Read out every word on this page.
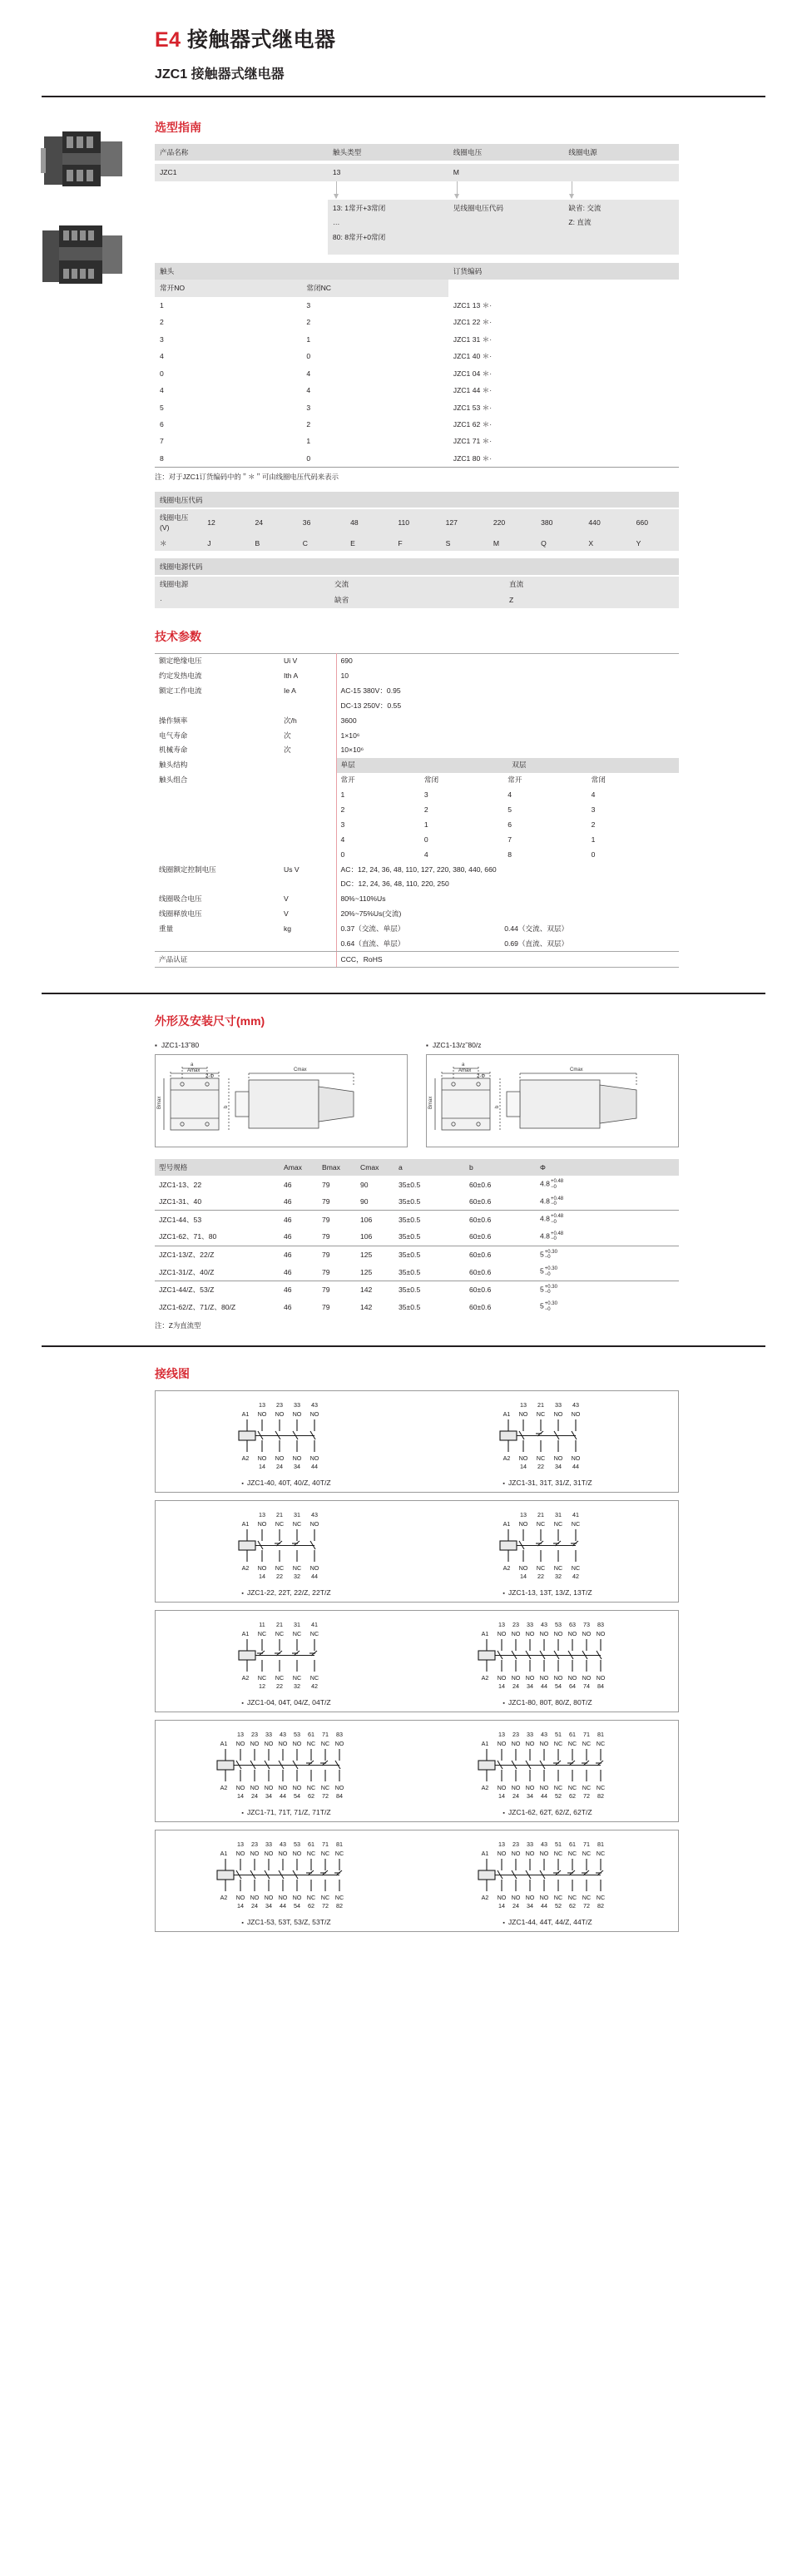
E4 接触器式继电器
JZC1 接触器式继电器
选型指南
产品名称	触头类型	线圈电压	线圈电源

JZC1	13	M	

13: 1常开+3常闭
…
80: 8常开+0常闭
	见线圈电压代码	缺省: 交流
Z: 直流
触头		订货编码
常开NO	常闭NC	
1	3	JZC1 13 ＊·
2	2	JZC1 22 ＊·
3	1	JZC1 31 ＊·
4	0	JZC1 40 ＊·
0	4	JZC1 04 ＊·
4	4	JZC1 44 ＊·
5	3	JZC1 53 ＊·
6	2	JZC1 62 ＊·
7	1	JZC1 71 ＊·
8	0	JZC1 80 ＊·
注：对于JZC1订货编码中的＂＊＂可由线圈电压代码来表示
线圈电压代码										

线圈电压 (V)	12	24	36	48	110	127	220	380	440	660
＊	J	B	C	E	F	S	M	Q	X	Y
线圈电源代码		

线圈电源	交流	直流
·	缺省	Z
技术参数
额定绝缘电压	Ui V	690
约定发热电流	Ith A	10
额定工作电流	Ie A	AC-15 380V：0.95
		DC-13 250V：0.55
操作频率	次/h	3600
电气寿命	次	1×10⁶
机械寿命	次	10×10⁶
触头结构		单层 双层

触头组合		常开 常闭 常开 常闭

		1 3 4 4

		2 2 5 3

		3 1 6 2

		4 0 7 1

		0 4 8 0

线圈额定控制电压	Us V	AC：12, 24, 36, 48, 110, 127, 220, 380, 440, 660
		DC：12, 24, 36, 48, 110, 220, 250
线圈吸合电压	V	80%~110%Us
线圈释放电压	V	20%~75%Us(交流)
重量	kg	0.37（交流、单层） 0.44（交流、双层）
		0.64（直流、单层） 0.69（直流、双层）
产品认证		CCC，RoHS
外形及安装尺寸(mm)
▪ JZC1-13˜80
Amax
a
2-Φ
Bmax	b
Cmax
▪ JZC1-13/z˜80/z
Amax
a
2-Φ
Bmax	b
Cmax
型号规格	Amax	Bmax	Cmax	a	b	Φ
JZC1-13、22	46	79	90	35±0.5	60±0.6	4.8+0.48
−0
JZC1-31、40	46	79	90	35±0.5	60±0.6	4.8+0.48
−0
JZC1-44、53	46	79	106	35±0.5	60±0.6	4.8+0.48
−0
JZC1-62、71、80	46	79	106	35±0.5	60±0.6	4.8+0.48
−0
JZC1-13/Z、22/Z	46	79	125	35±0.5	60±0.6	5+0.30
−0
JZC1-31/Z、40/Z	46	79	125	35±0.5	60±0.6	5+0.30
−0
JZC1-44/Z、53/Z	46	79	142	35±0.5	60±0.6	5+0.30
−0
JZC1-62/Z、71/Z、80/Z	46	79	142	35±0.5	60±0.6	5+0.30
−0
注：Z为直流型
接线图
13
NO
NO
14
23
NO
NO
24
33
NO
NO
34
43
NO
NO
44
A1
A2
▪ JZC1-40, 40T, 40/Z, 40T/Z
13
NO
NO
14
21
NC
NC
22
33
NO
NO
34
43
NO
NO
44
A1
A2
▪ JZC1-31, 31T, 31/Z, 31T/Z
13
NO
NO
14
21
NC
NC
22
31
NC
NC
32
43
NO
NO
44
A1
A2
▪ JZC1-22, 22T, 22/Z, 22T/Z
13
NO
NO
14
21
NC
NC
22
31
NC
NC
32
41
NC
NC
42
A1
A2
▪ JZC1-13, 13T, 13/Z, 13T/Z
11
NC
NC
12
21
NC
NC
22
31
NC
NC
32
41
NC
NC
42
A1
A2
▪ JZC1-04, 04T, 04/Z, 04T/Z
13
NO
NO
14
23
NO
NO
24
33
NO
NO
34
43
NO
NO
44
53
NO
NO
54
63
NO
NO
64
73
NO
NO
74
83
NO
NO
84
A1
A2
▪ JZC1-80, 80T, 80/Z, 80T/Z
13
NO
NO
14
23
NO
NO
24
33
NO
NO
34
43
NO
NO
44
53
NO
NO
54
61
NC
NC
62
71
NC
NC
72
83
NO
NO
84
A1
A2
▪ JZC1-71, 71T, 71/Z, 71T/Z
13
NO
NO
14
23
NO
NO
24
33
NO
NO
34
43
NO
NO
44
51
NC
NC
52
61
NC
NC
62
71
NC
NC
72
81
NC
NC
82
A1
A2
▪ JZC1-62, 62T, 62/Z, 62T/Z
13
NO
NO
14
23
NO
NO
24
33
NO
NO
34
43
NO
NO
44
53
NO
NO
54
61
NC
NC
62
71
NC
NC
72
81
NC
NC
82
A1
A2
▪ JZC1-53, 53T, 53/Z, 53T/Z
13
NO
NO
14
23
NO
NO
24
33
NO
NO
34
43
NO
NO
44
51
NC
NC
52
61
NC
NC
62
71
NC
NC
72
81
NC
NC
82
A1
A2
▪ JZC1-44, 44T, 44/Z, 44T/Z
